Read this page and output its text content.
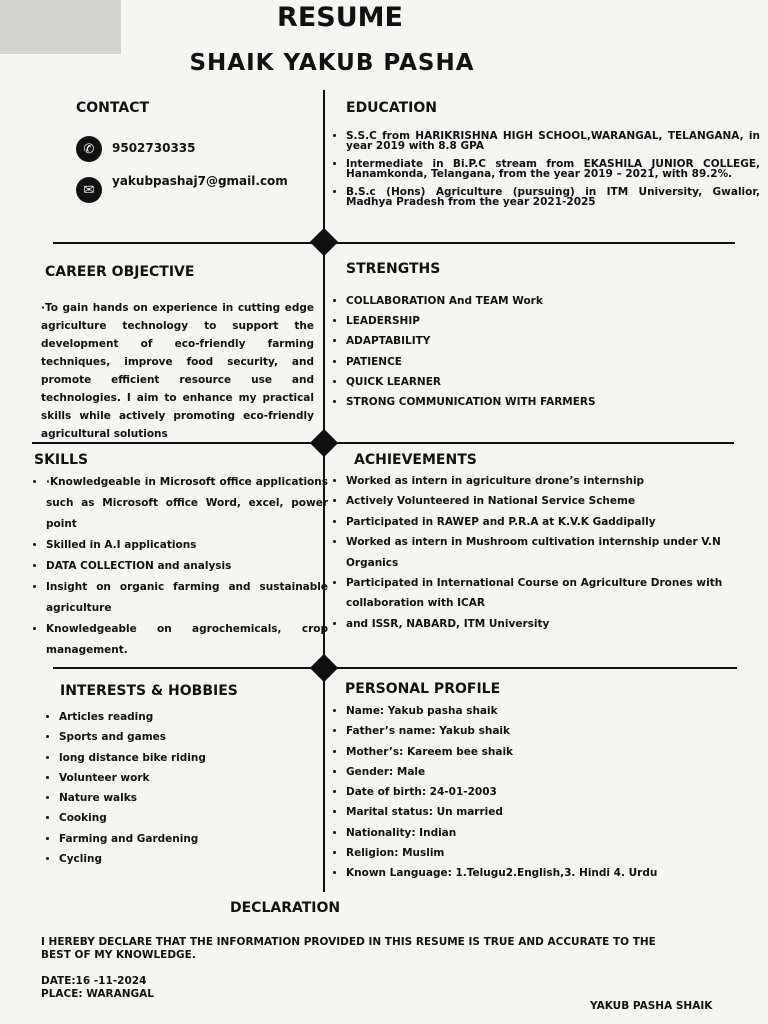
RESUME
SHAIK YAKUB PASHA
CONTACT
✆	9502730335
✉
yakubpashaj7@gmail.com
EDUCATION
• S.S.C from HARIKRISHNA HIGH SCHOOL,WARANGAL, TELANGANA, in year 2019 with 8.8 GPA
• Intermediate in Bi.P.C stream from EKASHILA JUNIOR COLLEGE, Hanamkonda, Telangana, from the year 2019 – 2021, with 89.2%.
• B.S.c (Hons) Agriculture (pursuing) in ITM University, Gwalior, Madhya Pradesh from the year 2021-2025
CAREER OBJECTIVE
·To gain hands on experience in cutting edge agriculture technology to support the development of eco-friendly farming techniques, improve food security, and promote efficient resource use and technologies. I aim to enhance my practical skills while actively promoting eco-friendly agricultural solutions
STRENGTHS
• COLLABORATION And TEAM Work
• LEADERSHIP
• ADAPTABILITY
• PATIENCE
• QUICK LEARNER
• STRONG COMMUNICATION WITH FARMERS
SKILLS
• ·Knowledgeable in Microsoft office applications such as Microsoft office Word, excel, power point
• Skilled in A.I applications
• DATA COLLECTION and analysis
• Insight on organic farming and sustainable agriculture
• Knowledgeable on agrochemicals, crop management.
ACHIEVEMENTS
• Worked as intern in agriculture drone’s internship
• Actively Volunteered in National Service Scheme
• Participated in RAWEP and P.R.A at K.V.K Gaddipally
• Worked as intern in Mushroom cultivation internship under V.N Organics
• Participated in International Course on Agriculture Drones with collaboration with ICAR
• and ISSR, NABARD, ITM University
INTERESTS & HOBBIES
• Articles reading
• Sports and games
• long distance bike riding
• Volunteer work
• Nature walks
• Cooking
• Farming and Gardening
• Cycling
PERSONAL PROFILE
• Name: Yakub pasha shaik
• Father’s name: Yakub shaik
• Mother’s: Kareem bee shaik
• Gender: Male
• Date of birth: 24-01-2003
• Marital status: Un married
• Nationality: Indian
• Religion: Muslim
• Known Language: 1.Telugu2.English,3. Hindi 4. Urdu
DECLARATION
I HEREBY DECLARE THAT THE INFORMATION PROVIDED IN THIS RESUME IS TRUE AND ACCURATE TO THE BEST OF MY KNOWLEDGE.
DATE:16 -11-2024
PLACE: WARANGAL
YAKUB PASHA SHAIK
